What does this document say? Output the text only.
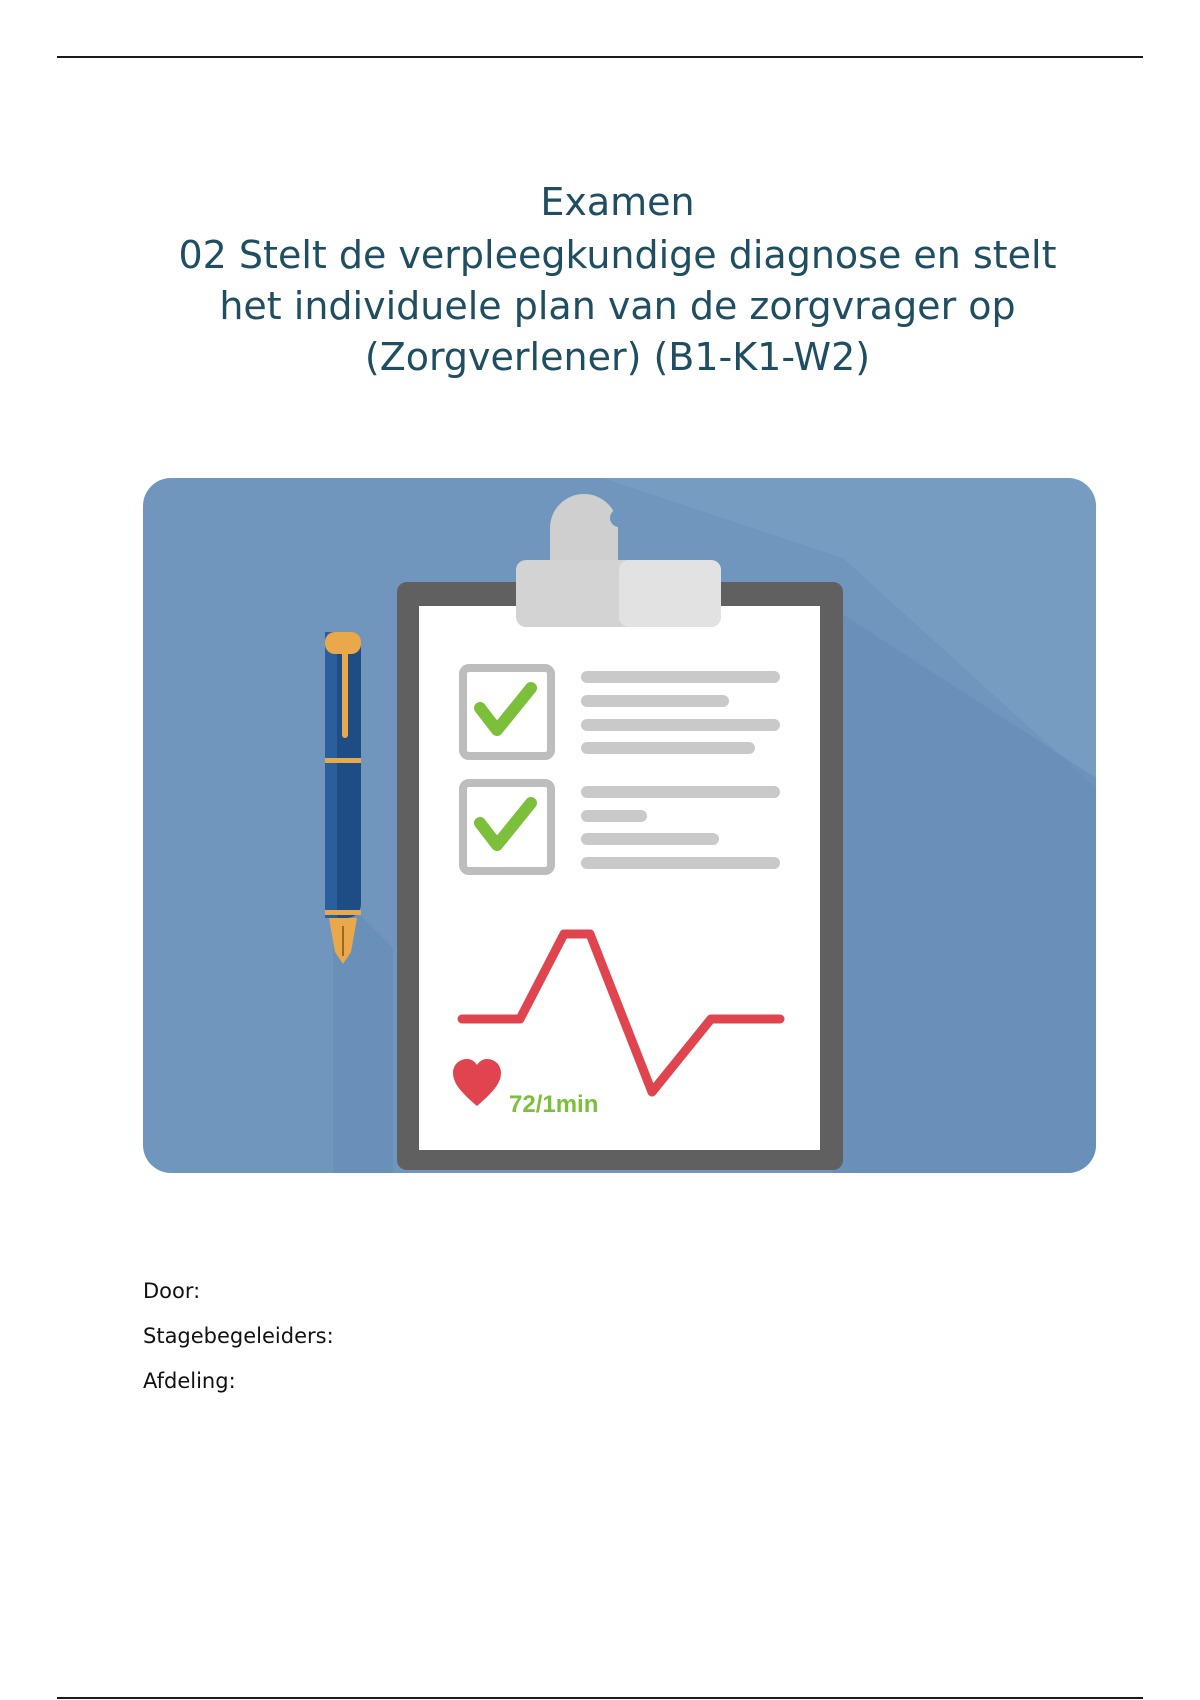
Examen

02 Stelt de verpleegkundige diagnose en stelt

het individuele plan van de zorgvrager op

(Zorgverlener) (B1-K1-W2)

72/1min
Door:
Stagebegeleiders:
Afdeling:
